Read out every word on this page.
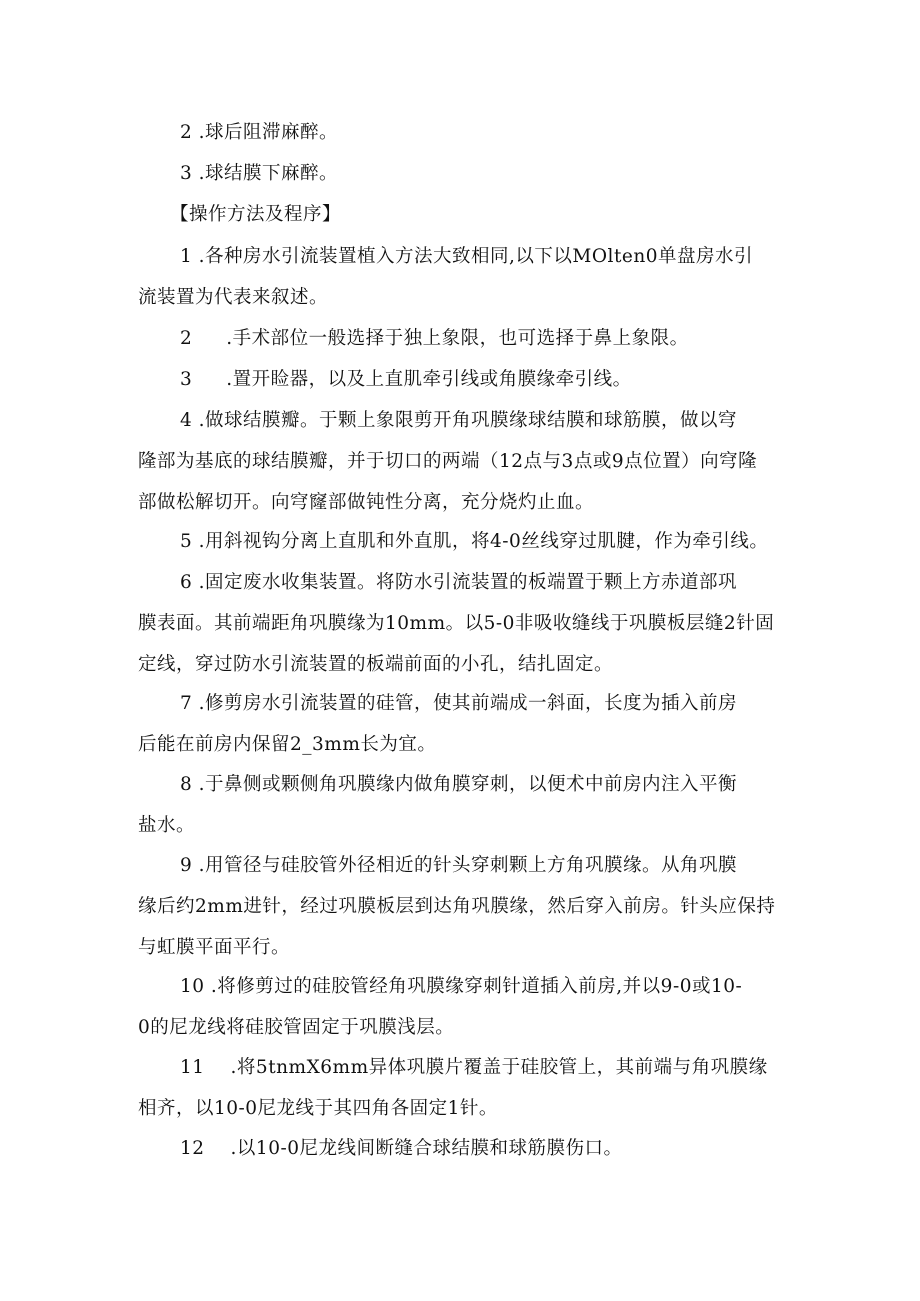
2 .球后阻滞麻醉。

3 .球结膜下麻醉。

【操作方法及程序】

1 .各种房水引流装置植入方法大致相同,以下以MOlten0单盘房水引
流装置为代表来叙述。

2 .手术部位一般选择于独上象限，也可选择于鼻上象限。

3 .置开睑器，以及上直肌牵引线或角膜缘牵引线。

4 .做球结膜瓣。于颗上象限剪开角巩膜缘球结膜和球筋膜，做以穹
隆部为基底的球结膜瓣，并于切口的两端（12点与3点或9点位置）向穹隆
部做松解切开。向穹窿部做钝性分离，充分烧灼止血。

5 .用斜视钩分离上直肌和外直肌，将4-0丝线穿过肌腱，作为牵引线。

6 .固定废水收集装置。将防水引流装置的板端置于颗上方赤道部巩
膜表面。其前端距角巩膜缘为10mm。以5-0非吸收缝线于巩膜板层缝2针固
定线，穿过防水引流装置的板端前面的小孔，结扎固定。

7 .修剪房水引流装置的硅管，使其前端成一斜面，长度为插入前房
后能在前房内保留2_3mm长为宜。

8 .于鼻侧或颗侧角巩膜缘内做角膜穿刺，以便术中前房内注入平衡
盐水。

9 .用管径与硅胶管外径相近的针头穿刺颗上方角巩膜缘。从角巩膜
缘后约2mm进针，经过巩膜板层到达角巩膜缘，然后穿入前房。针头应保持
与虹膜平面平行。

10 .将修剪过的硅胶管经角巩膜缘穿刺针道插入前房,并以9-0或10-
0的尼龙线将硅胶管固定于巩膜浅层。

11 .将5tnmX6mm异体巩膜片覆盖于硅胶管上，其前端与角巩膜缘
相齐，以10-0尼龙线于其四角各固定1针。

12 .以10-0尼龙线间断缝合球结膜和球筋膜伤口。
